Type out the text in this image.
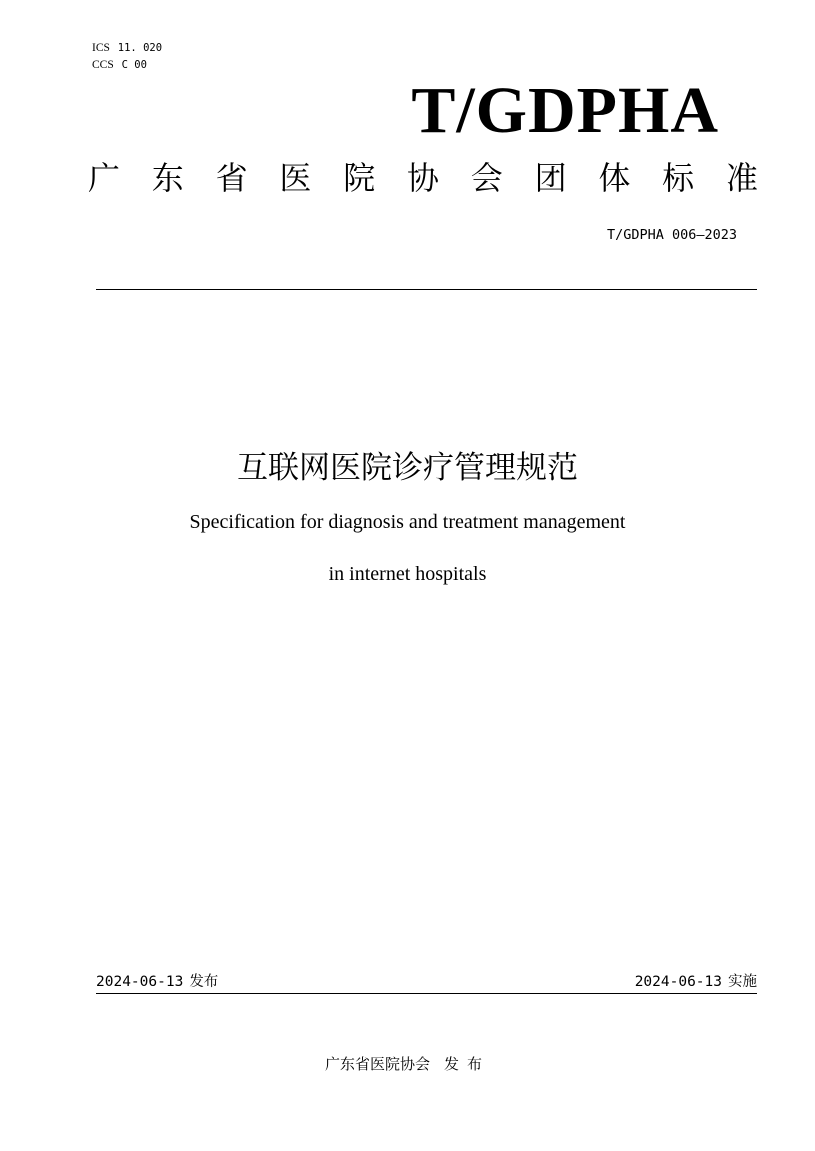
ICS 11. 020
CCS C 00
T/GDPHA
广 东 省 医 院 协 会 团 体 标 准
T/GDPHA 006—2023
互联网医院诊疗管理规范
Specification for diagnosis and treatment management
in internet hospitals
2024-06-13 发布	2024-06-13 实施
广东省医院协会 发布
